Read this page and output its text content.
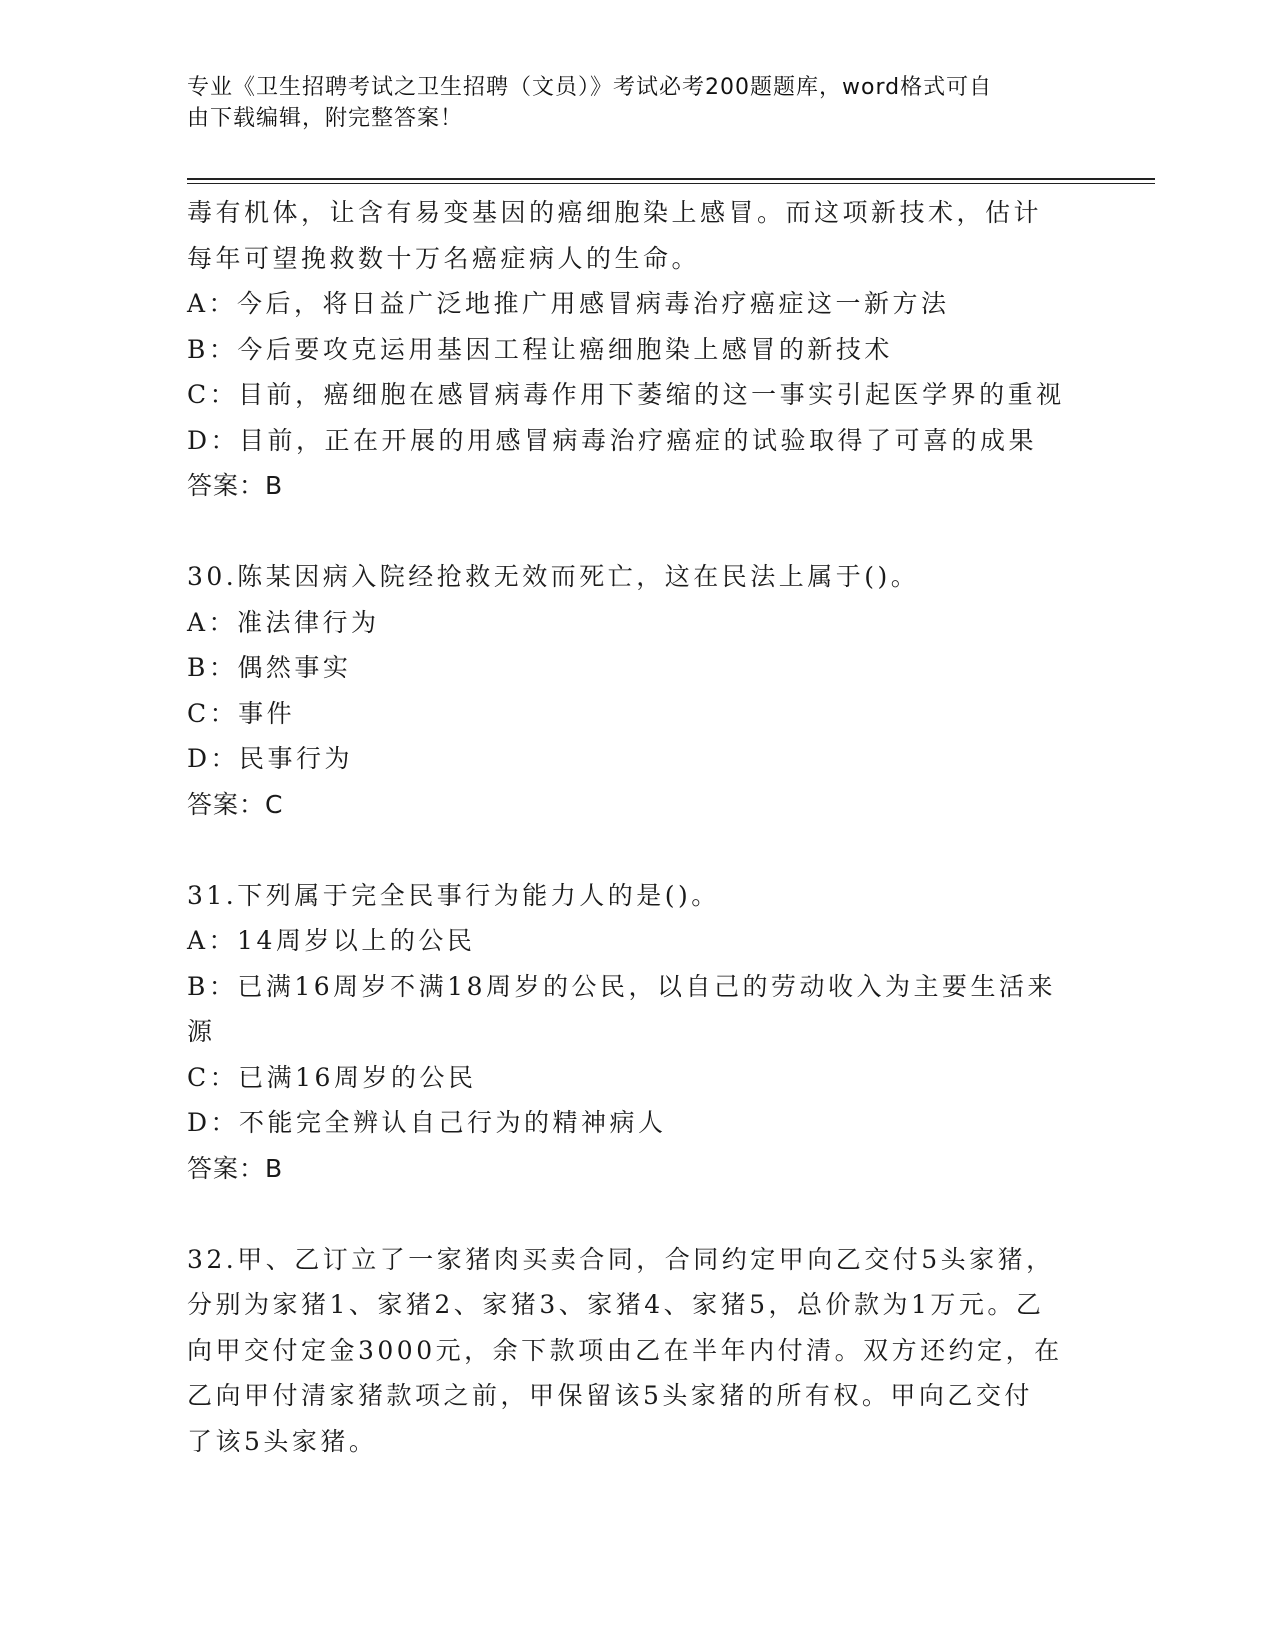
专业《卫生招聘考试之卫生招聘（文员）》考试必考200题题库，word格式可自
由下载编辑，附完整答案！
毒有机体，让含有易变基因的癌细胞染上感冒。而这项新技术，估计
每年可望挽救数十万名癌症病人的生命。
A：今后，将日益广泛地推广用感冒病毒治疗癌症这一新方法
B：今后要攻克运用基因工程让癌细胞染上感冒的新技术
C：目前，癌细胞在感冒病毒作用下萎缩的这一事实引起医学界的重视
D：目前，正在开展的用感冒病毒治疗癌症的试验取得了可喜的成果
答案：B
30.陈某因病入院经抢救无效而死亡，这在民法上属于()。
A：准法律行为
B：偶然事实
C：事件
D：民事行为
答案：C
31.下列属于完全民事行为能力人的是()。
A：14周岁以上的公民
B：已满16周岁不满18周岁的公民，以自己的劳动收入为主要生活来
源
C：已满16周岁的公民
D：不能完全辨认自己行为的精神病人
答案：B
32.甲、乙订立了一家猪肉买卖合同，合同约定甲向乙交付5头家猪，
分别为家猪1、家猪2、家猪3、家猪4、家猪5，总价款为1万元。乙
向甲交付定金3000元，余下款项由乙在半年内付清。双方还约定，在
乙向甲付清家猪款项之前，甲保留该5头家猪的所有权。甲向乙交付
了该5头家猪。
